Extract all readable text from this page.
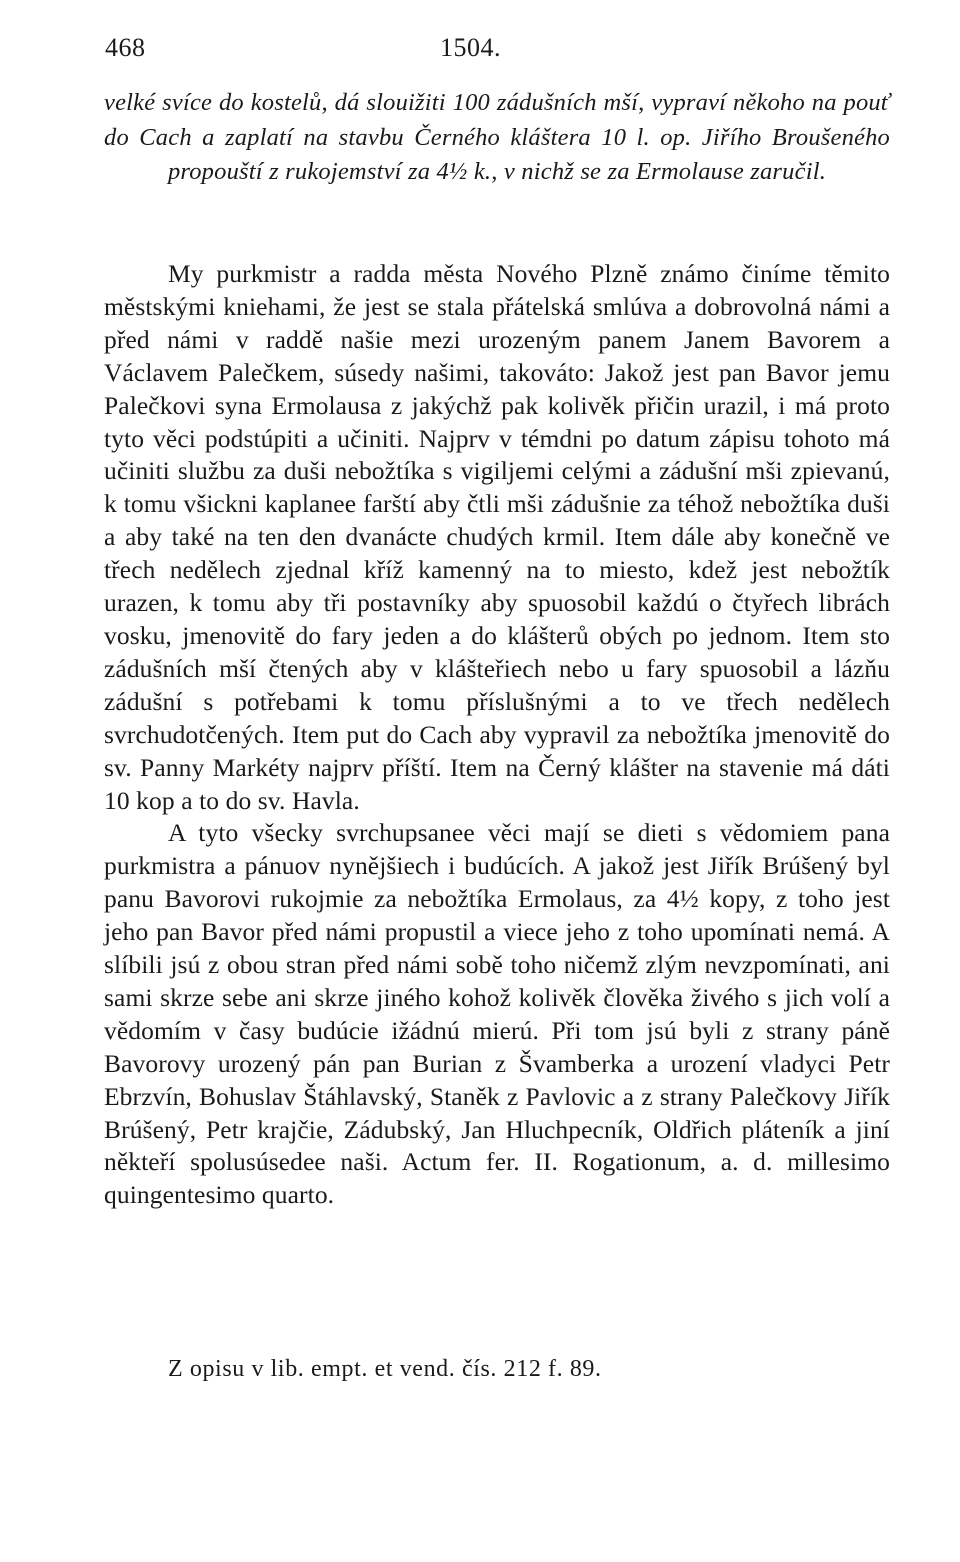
468	1504.
velké svíce do kostelů, dá slouižiti 100 zádušních mší, vypraví někoho na pouť do Cach a zaplatí na stavbu Černého kláštera 10 l. op. Jiřího Broušeného propouští z rukojemství za 4½ k., v nichž se za Ermolause zaručil.

My purkmistr a radda města Nového Plzně známo činíme těmito městskými kniehami, že jest se stala přátelská smlúva a dobrovolná námi a před námi v raddě našie mezi urozeným panem Janem Bavorem a Václavem Palečkem, súsedy našimi, takováto: Jakož jest pan Bavor jemu Palečkovi syna Ermolausa z jakýchž pak kolivěk přičin urazil, i má proto tyto věci podstúpiti a učiniti. Najprv v témdni po datum zápisu tohoto má učiniti službu za duši nebožtíka s vigiljemi celými a zádušní mši zpievanú, k tomu všickni kaplanee farští aby čtli mši zádušnie za téhož nebožtíka duši a aby také na ten den dvanácte chudých krmil. Item dále aby konečně ve třech nedělech zjednal kříž kamenný na to miesto, kdež jest nebožtík urazen, k tomu aby tři postavníky aby spuosobil každú o čtyřech librách vosku, jmenovitě do fary jeden a do klášterů obých po jednom. Item sto zádušních mší čtených aby v klášteřiech nebo u fary spuosobil a lázňu zádušní s potřebami k tomu příslušnými a to ve třech nedělech svrchudotčených. Item put do Cach aby vypravil za nebožtíka jmenovitě do sv. Panny Markéty najprv příští. Item na Černý klášter na stavenie má dáti 10 kop a to do sv. Havla.

A tyto všecky svrchupsanee věci mají se dieti s vědomiem pana purkmistra a pánuov nynějšiech i budúcích. A jakož jest Jiřík Brúšený byl panu Bavorovi rukojmie za nebožtíka Ermolaus, za 4½ kopy, z toho jest jeho pan Bavor před námi propustil a viece jeho z toho upomínati nemá. A slíbili jsú z obou stran před námi sobě toho ničemž zlým nevzpomínati, ani sami skrze sebe ani skrze jiného kohož kolivěk člověka živého s jich volí a vědomím v časy budúcie ižádnú mierú. Při tom jsú byli z strany páně Bavorovy urozený pán pan Burian z Švamberka a urození vladyci Petr Ebrzvín, Bohuslav Štáhlavský, Staněk z Pavlovic a z strany Palečkovy Jiřík Brúšený, Petr krajčie, Zádubský, Jan Hluchpecník, Oldřich pláteník a jiní někteří spolusúsedee naši. Actum fer. II. Rogationum, a. d. millesimo quingentesimo quarto.

Z opisu v lib. empt. et vend. čís. 212 f. 89.
